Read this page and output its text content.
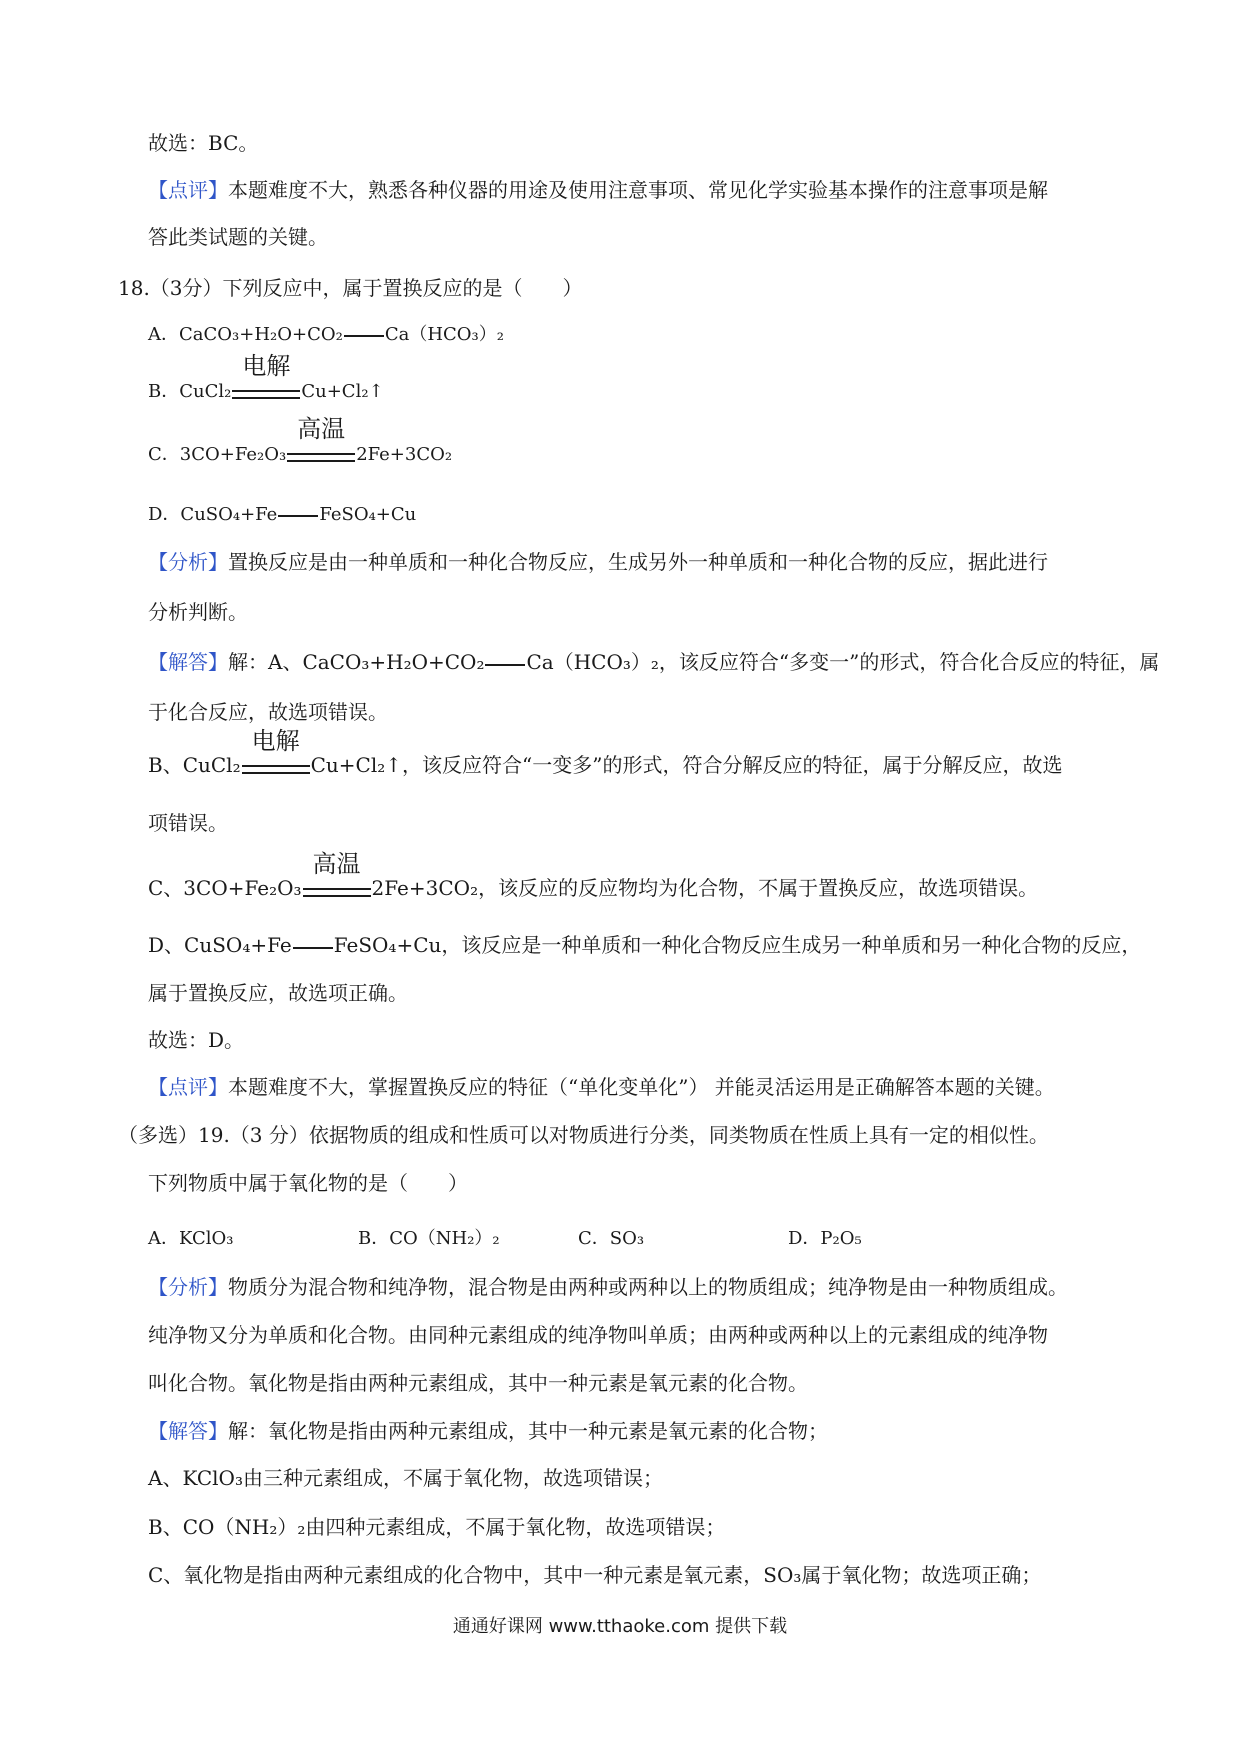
故选：BC。
【点评】本题难度不大，熟悉各种仪器的用途及使用注意事项、常见化学实验基本操作的注意事项是解
答此类试题的关键。
18.（3分）下列反应中，属于置换反应的是（　　）
A．CaCO₃+H₂O+CO₂ Ca（HCO₃）₂
B．CuCl₂
电解
Cu+Cl₂↑
C．3CO+Fe₂O₃
高温
2Fe+3CO₂
D．CuSO₄+Fe FeSO₄+Cu
【分析】置换反应是由一种单质和一种化合物反应，生成另外一种单质和一种化合物的反应，据此进行
分析判断。
【解答】解：A、CaCO₃+H₂O+CO₂ Ca（HCO₃）₂，该反应符合“多变一”的形式，符合化合反应的特征，属
于化合反应，故选项错误。
B、CuCl₂
电解
Cu+Cl₂↑，该反应符合“一变多”的形式，符合分解反应的特征，属于分解反应，故选
项错误。
C、3CO+Fe₂O₃
高温
2Fe+3CO₂，该反应的反应物均为化合物，不属于置换反应，故选项错误。
D、CuSO₄+Fe FeSO₄+Cu，该反应是一种单质和一种化合物反应生成另一种单质和另一种化合物的反应，
属于置换反应，故选项正确。
故选：D。
【点评】本题难度不大，掌握置换反应的特征（“单化变单化”） 并能灵活运用是正确解答本题的关键。
（多选）19.（3 分）依据物质的组成和性质可以对物质进行分类，同类物质在性质上具有一定的相似性。
下列物质中属于氧化物的是（　　）
A．KClO₃	B．CO（NH₂）₂	C．SO₃	D．P₂O₅
【分析】物质分为混合物和纯净物，混合物是由两种或两种以上的物质组成；纯净物是由一种物质组成。
纯净物又分为单质和化合物。由同种元素组成的纯净物叫单质；由两种或两种以上的元素组成的纯净物
叫化合物。氧化物是指由两种元素组成，其中一种元素是氧元素的化合物。
【解答】解：氧化物是指由两种元素组成，其中一种元素是氧元素的化合物；
A、KClO₃由三种元素组成，不属于氧化物，故选项错误；
B、CO（NH₂）₂由四种元素组成，不属于氧化物，故选项错误；
C、氧化物是指由两种元素组成的化合物中，其中一种元素是氧元素，SO₃属于氧化物；故选项正确；
通通好课网 www.tthaoke.com 提供下载
